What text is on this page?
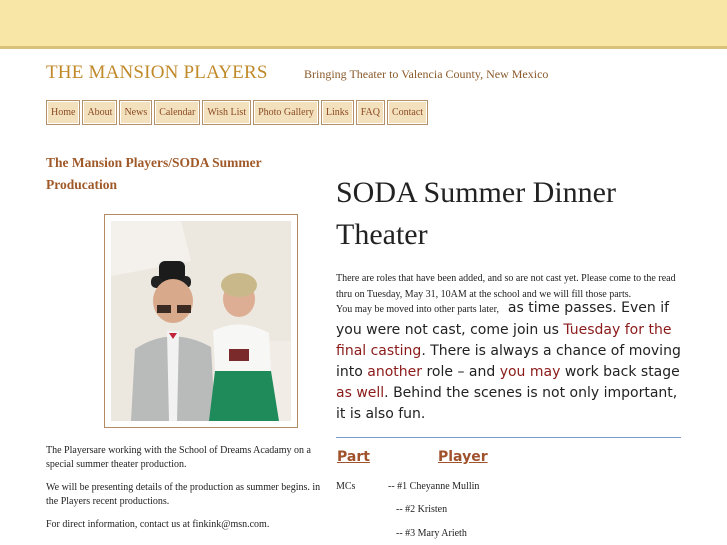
THE MANSION PLAYERS	Bringing Theater to Valencia County, New Mexico
Home	About	News	Calendar	Wish List	Photo Gallery	Links	FAQ	Contact
The Mansion Players/SODA Summer Producation
The Playersare working with the School of Dreams Acadamy on a special summer theater production.
We will be presenting details of the production as summer begins. in the Players recent productions.
For direct information, contact us at finkink@msn.com.
SODA Summer Dinner Theater
There are roles that have been added, and so are not cast yet. Please come to the read thru on Tuesday, May 31, 10AM at the school and we will fill those parts.
You may be moved into other parts later, as time passes. Even if you were not cast, come join us Tuesday for the final casting. There is always a chance of moving into another role – and you may work back stage as well. Behind the scenes is not only important, it is also fun.
Part	Player
MCs	-- #1 Cheyanne Mullin
-- #2 Kristen
-- #3 Mary Arieth
